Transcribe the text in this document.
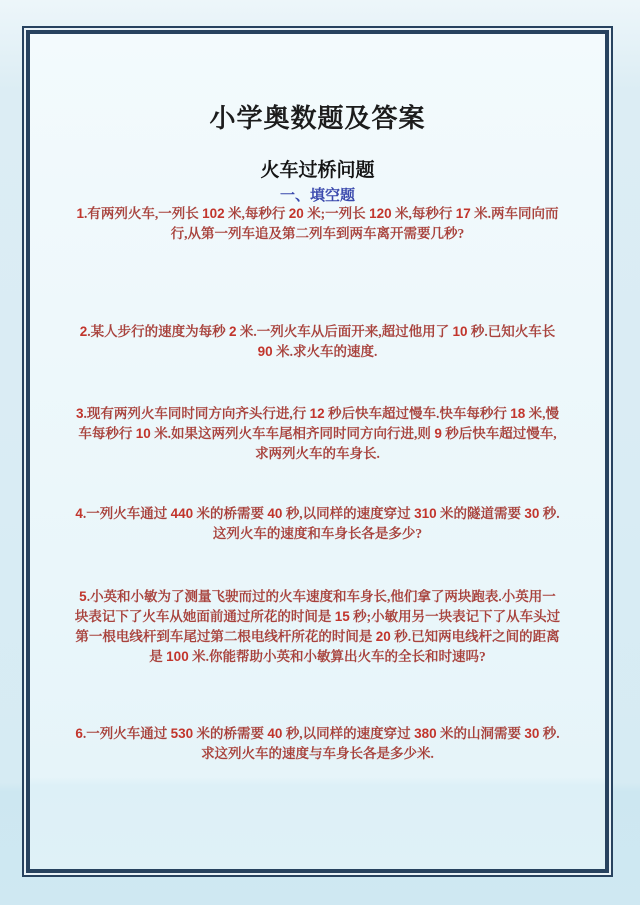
小学奥数题及答案
火车过桥问题
一、填空题

1.有两列火车,一列长 102 米,每秒行 20 米;一列长 120 米,每秒行 17 米.两车同向而行,从第一列车追及第二列车到两车离开需要几秒?

2.某人步行的速度为每秒 2 米.一列火车从后面开来,超过他用了 10 秒.已知火车长 90 米.求火车的速度.

3.现有两列火车同时同方向齐头行进,行 12 秒后快车超过慢车.快车每秒行 18 米,慢车每秒行 10 米.如果这两列火车车尾相齐同时同方向行进,则 9 秒后快车超过慢车,求两列火车的车身长.

4.一列火车通过 440 米的桥需要 40 秒,以同样的速度穿过 310 米的隧道需要 30 秒.这列火车的速度和车身长各是多少?

5.小英和小敏为了测量飞驶而过的火车速度和车身长,他们拿了两块跑表.小英用一块表记下了火车从她面前通过所花的时间是 15 秒;小敏用另一块表记下了从车头过第一根电线杆到车尾过第二根电线杆所花的时间是 20 秒.已知两电线杆之间的距离是 100 米.你能帮助小英和小敏算出火车的全长和时速吗?

6.一列火车通过 530 米的桥需要 40 秒,以同样的速度穿过 380 米的山洞需要 30 秒.求这列火车的速度与车身长各是多少米.
